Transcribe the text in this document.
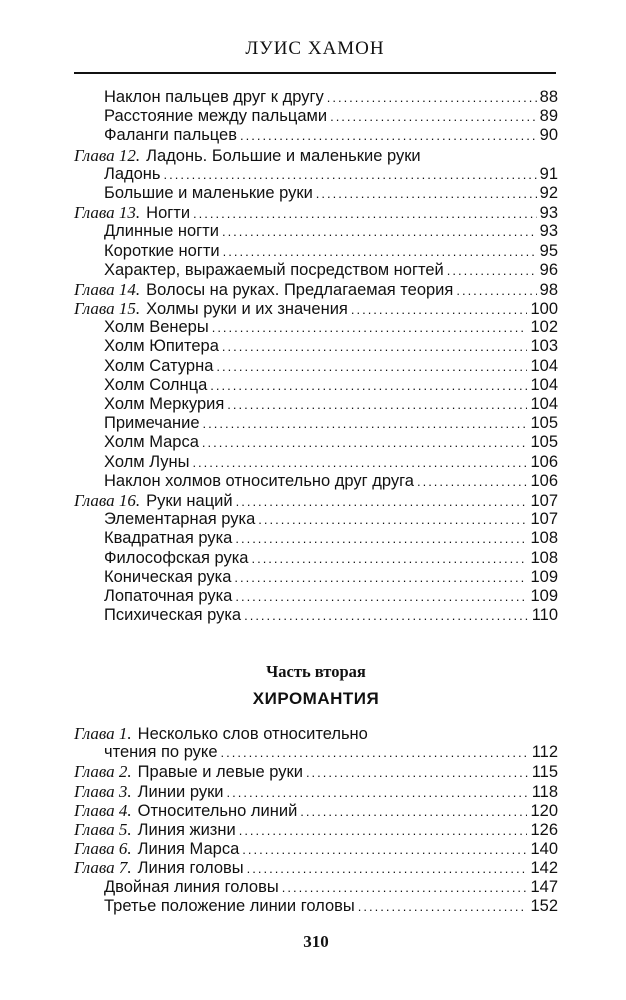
ЛУИС ХАМОН
Наклон пальцев друг к другу .....	88
Расстояние между пальцами .....	89
Фаланги пальцев .....	90
Глава 12. Ладонь. Большие и маленькие руки
Ладонь .....	91
Большие и маленькие руки .....	92
Глава 13. Ногти .....	93
Длинные ногти .....	93
Короткие ногти .....	95
Характер, выражаемый посредством ногтей .....	96
Глава 14. Волосы на руках. Предлагаемая теория .....	98
Глава 15. Холмы руки и их значения .....	100
Холм Венеры .....	102
Холм Юпитера .....	103
Холм Сатурна .....	104
Холм Солнца .....	104
Холм Меркурия .....	104
Примечание .....	105
Холм Марса .....	105
Холм Луны .....	106
Наклон холмов относительно друг друга .....	106
Глава 16. Руки наций .....	107
Элементарная рука .....	107
Квадратная рука .....	108
Философская рука .....	108
Коническая рука .....	109
Лопаточная рука .....	109
Психическая рука .....	110
Часть вторая
ХИРОМАНТИЯ
Глава 1. Несколько слов относительно
чтения по руке .....	112
Глава 2. Правые и левые руки .....	115
Глава 3. Линии руки .....	118
Глава 4. Относительно линий .....	120
Глава 5. Линия жизни .....	126
Глава 6. Линия Марса .....	140
Глава 7. Линия головы .....	142
Двойная линия головы .....	147
Третье положение линии головы .....	152
310
